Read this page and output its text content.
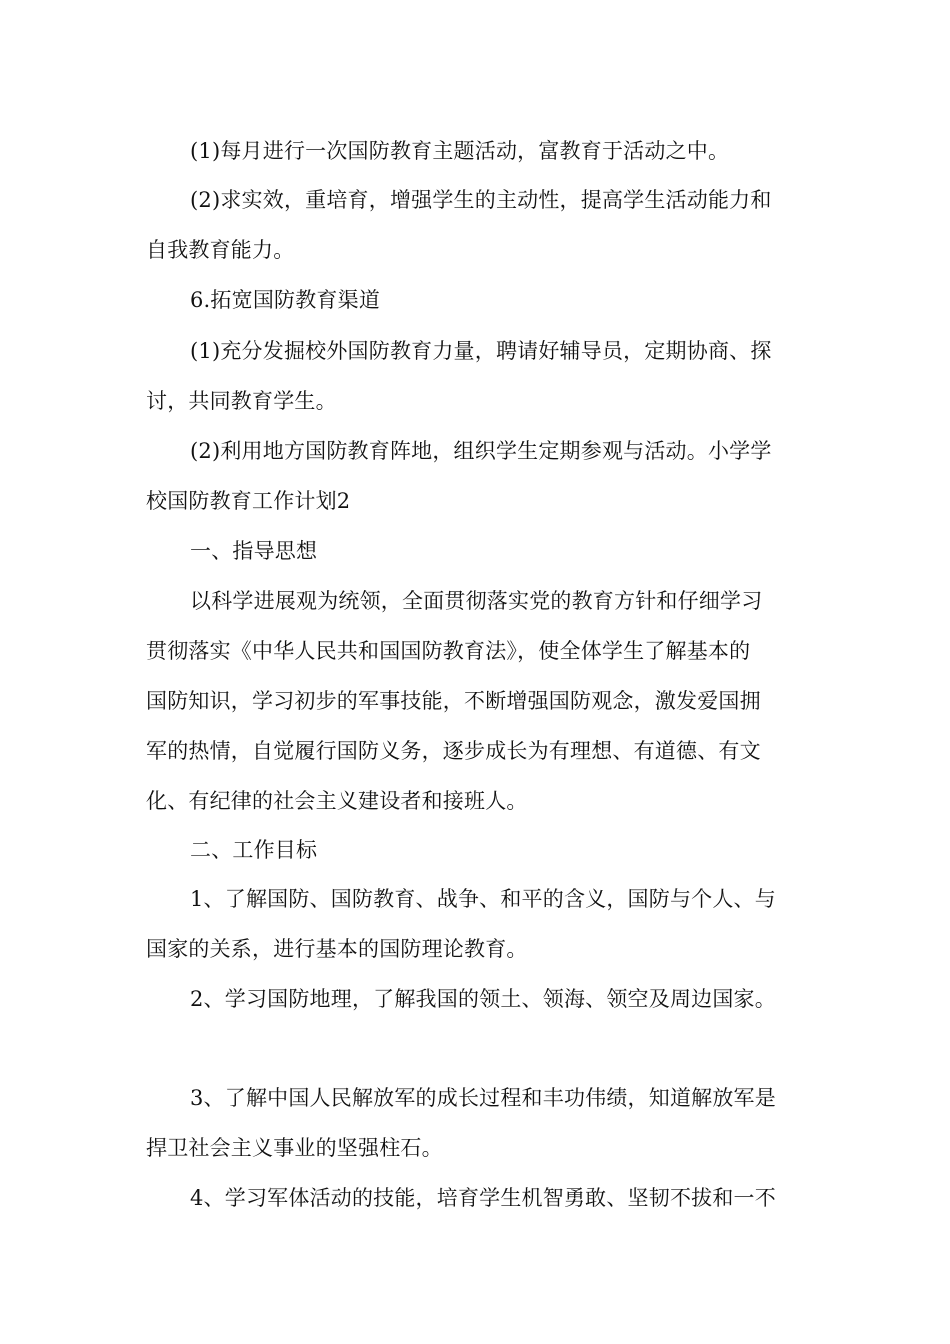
(1)每月进行一次国防教育主题活动，富教育于活动之中。
(2)求实效，重培育，增强学生的主动性，提高学生活动能力和
自我教育能力。
6.拓宽国防教育渠道
(1)充分发掘校外国防教育力量，聘请好辅导员，定期协商、探
讨，共同教育学生。
(2)利用地方国防教育阵地，组织学生定期参观与活动。小学学
校国防教育工作计划2
一、指导思想
以科学进展观为统领，全面贯彻落实党的教育方针和仔细学习
贯彻落实《中华人民共和国国防教育法》，使全体学生了解基本的
国防知识，学习初步的军事技能，不断增强国防观念，激发爱国拥
军的热情，自觉履行国防义务，逐步成长为有理想、有道德、有文
化、有纪律的社会主义建设者和接班人。
二、工作目标
1、了解国防、国防教育、战争、和平的含义，国防与个人、与
国家的关系，进行基本的国防理论教育。
2、学习国防地理，了解我国的领土、领海、领空及周边国家。
3、了解中国人民解放军的成长过程和丰功伟绩，知道解放军是
捍卫社会主义事业的坚强柱石。
4、学习军体活动的技能，培育学生机智勇敢、坚韧不拔和一不
